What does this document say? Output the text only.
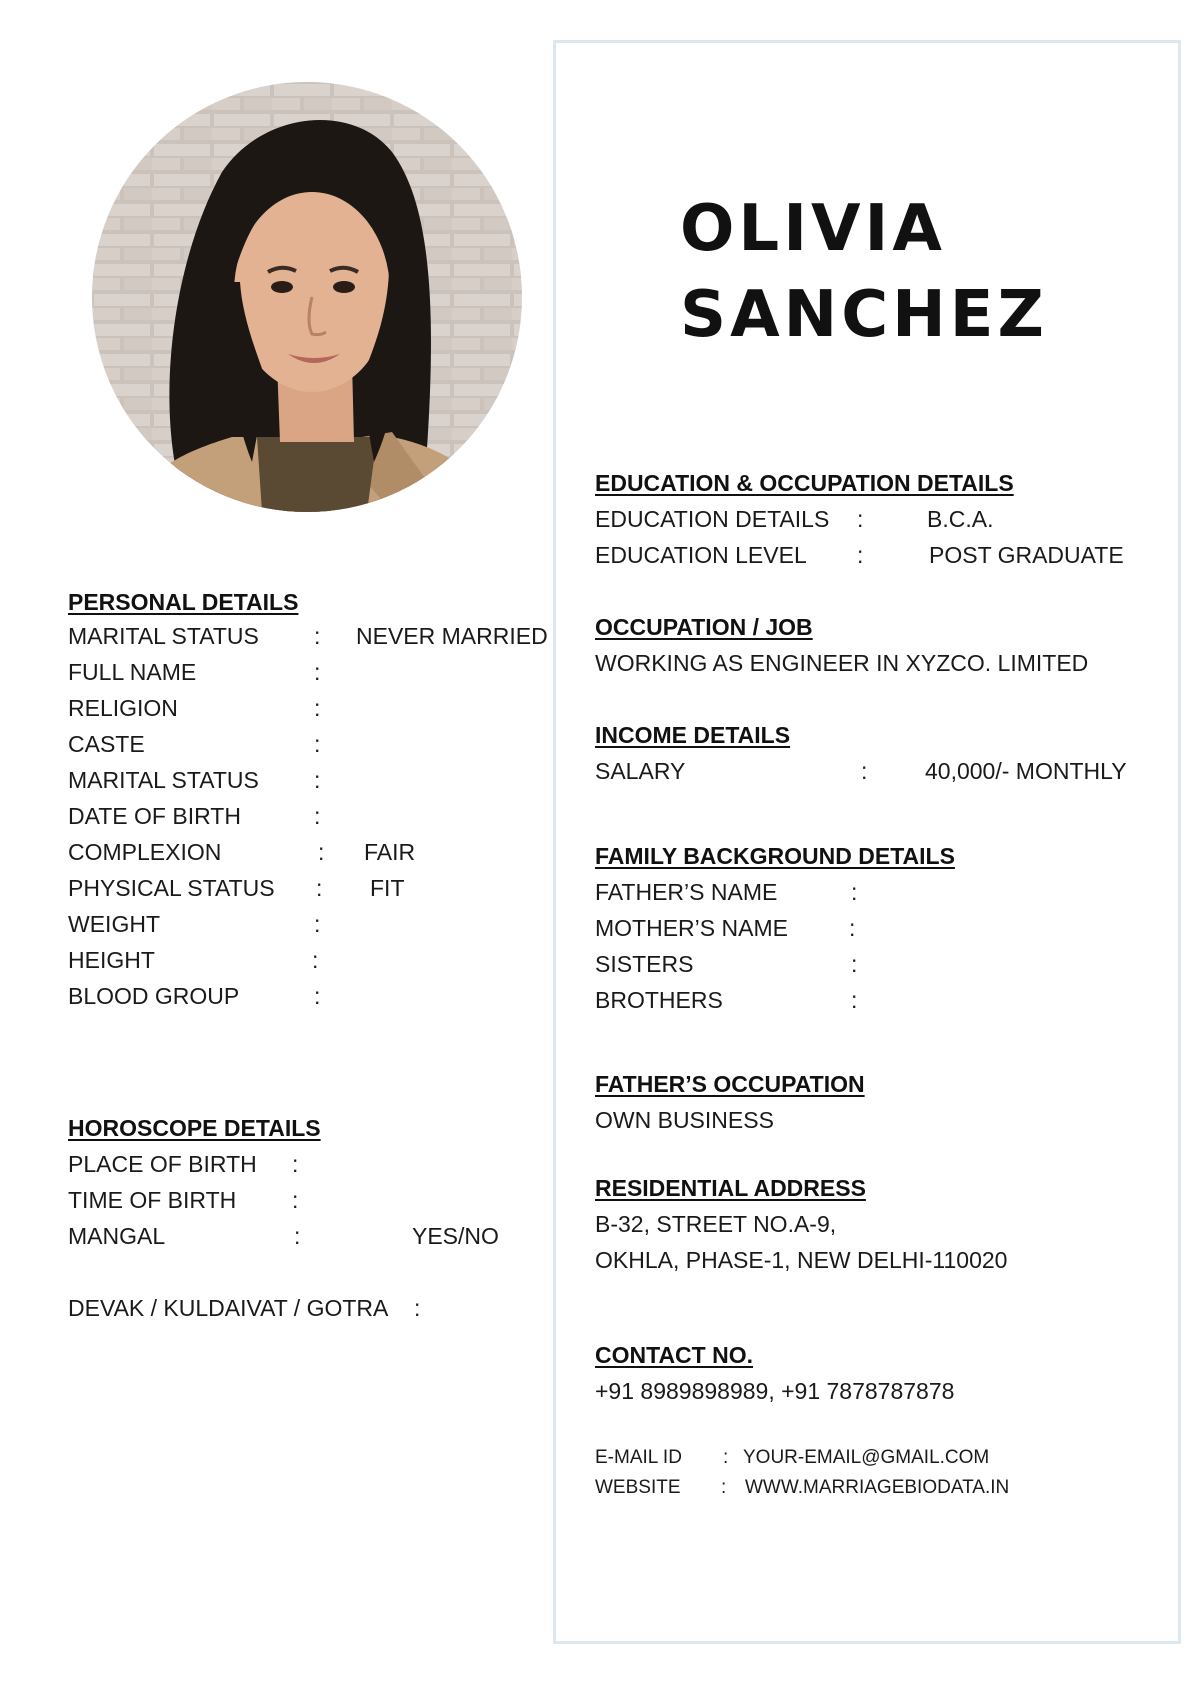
OLIVIA
SANCHEZ
PERSONAL DETAILS
MARITAL STATUS : NEVER MARRIED
FULL NAME	:
RELIGION	:
CASTE	:
MARITAL STATUS :
DATE OF BIRTH	:
COMPLEXION	: FAIR
PHYSICAL STATUS : FIT
WEIGHT	:
HEIGHT	:
BLOOD GROUP	:
HOROSCOPE DETAILS
PLACE OF BIRTH :
TIME OF BIRTH :
MANGAL	:	YES/NO
DEVAK / KULDAIVAT / GOTRA :
EDUCATION & OCCUPATION DETAILS
EDUCATION DETAILS :	B.C.A.
EDUCATION LEVEL :	POST GRADUATE
OCCUPATION / JOB
WORKING AS ENGINEER IN XYZCO. LIMITED
INCOME DETAILS
SALARY	:	40,000/- MONTHLY
FAMILY BACKGROUND DETAILS
FATHER’S NAME	:
MOTHER’S NAME	:
SISTERS	:
BROTHERS	:
FATHER’S OCCUPATION
OWN BUSINESS
RESIDENTIAL ADDRESS
B-32, STREET NO.A-9,
OKHLA, PHASE-1, NEW DELHI-110020
CONTACT NO.
+91 8989898989, +91 7878787878
E-MAIL ID : YOUR-EMAIL@GMAIL.COM
WEBSITE : WWW.MARRIAGEBIODATA.IN
